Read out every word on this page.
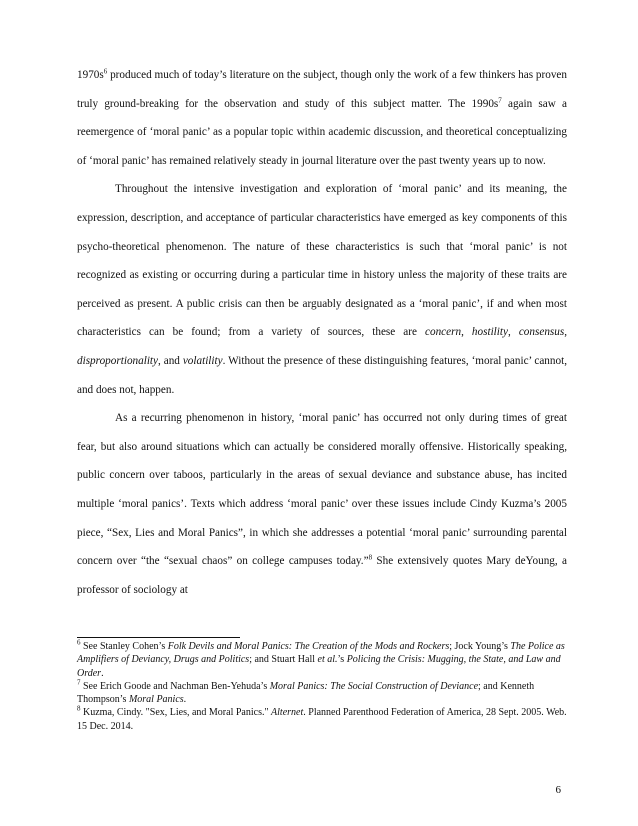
$1970s^6$ produced much of today’s literature on the subject, though only the work of a few thinkers has proven truly ground-breaking for the observation and study of this subject matter. The $1990s^7$ again saw a reemergence of ‘moral panic’ as a popular topic within academic discussion, and theoretical conceptualizing of ‘moral panic’ has remained relatively steady in journal literature over the past twenty years up to now.

Throughout the intensive investigation and exploration of ‘moral panic’ and its meaning, the expression, description, and acceptance of particular characteristics have emerged as key components of this psycho-theoretical phenomenon. The nature of these characteristics is such that ‘moral panic’ is not recognized as existing or occurring during a particular time in history unless the majority of these traits are perceived as present. A public crisis can then be arguably designated as a ‘moral panic’, if and when most characteristics can be found; from a variety of sources, these are concern, hostility, consensus, disproportionality, and volatility. Without the presence of these distinguishing features, ‘moral panic’ cannot, and does not, happen.

As a recurring phenomenon in history, ‘moral panic’ has occurred not only during times of great fear, but also around situations which can actually be considered morally offensive. Historically speaking, public concern over taboos, particularly in the areas of sexual deviance and substance abuse, has incited multiple ‘moral panics’. Texts which address ‘moral panic’ over these issues include Cindy Kuzma’s 2005 piece, “Sex, Lies and Moral Panics”, in which she addresses a potential ‘moral panic’ surrounding parental concern over “the “sexual chaos” on college campuses today.”$^8$ She extensively quotes Mary deYoung, a professor of sociology at

$^6$ See Stanley Cohen’s Folk Devils and Moral Panics: The Creation of the Mods and Rockers; Jock Young’s The Police as Amplifiers of Deviancy, Drugs and Politics; and Stuart Hall et al.’s Policing the Crisis: Mugging, the State, and Law and Order.

$^7$ See Erich Goode and Nachman Ben-Yehuda’s Moral Panics: The Social Construction of Deviance; and Kenneth Thompson’s Moral Panics.

$^8$ Kuzma, Cindy. "Sex, Lies, and Moral Panics." Alternet. Planned Parenthood Federation of America, 28 Sept. 2005. Web. 15 Dec. 2014.

6
